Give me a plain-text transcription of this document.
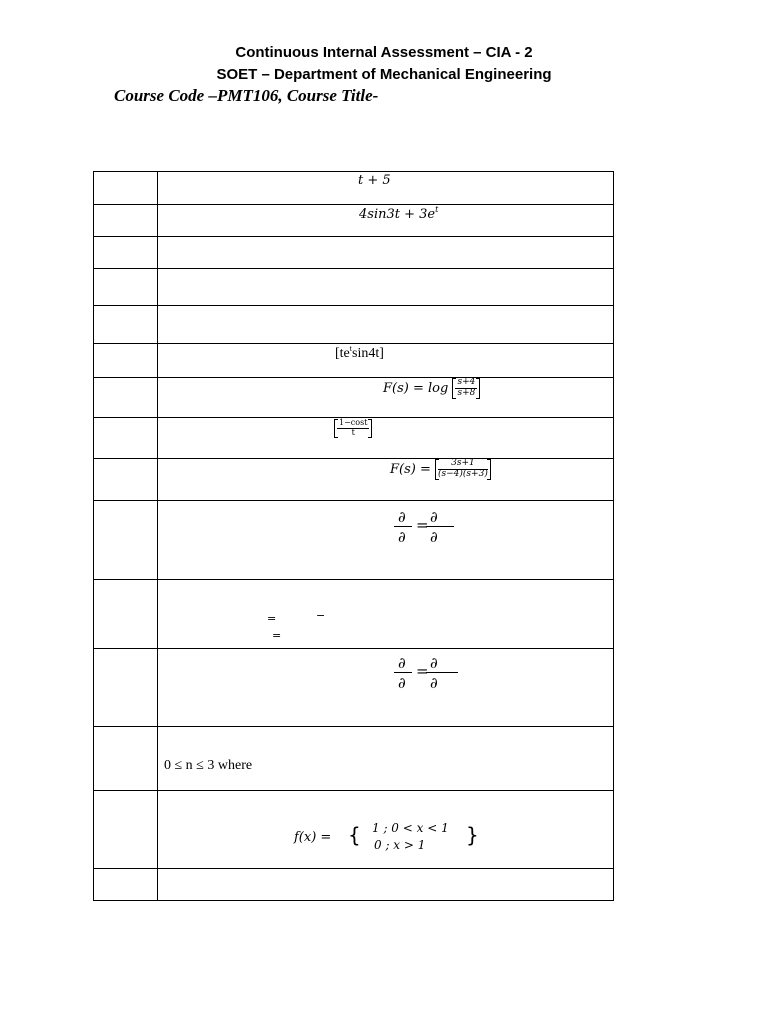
Continuous Internal Assessment – CIA - 2
SOET – Department of Mechanical Engineering
Course Code –PMT106, Course Title-
t + 5
$4\sin 3t + 3e^t$
$[te^t\sin 4t]$
$F(s) = \log \frac{s+4}{s+8}$
$\frac{1-\cos t}{t}$
$F(s) = \frac{3s+1}{(s-4)(s+3)}$
∂ ∂
=
∂ ∂
=	−
=
∂ ∂
=
∂ ∂
0 ≤ n ≤ 3 where
f(x) = { 1 ; 0 < x < 1
0 ; x > 1 }
